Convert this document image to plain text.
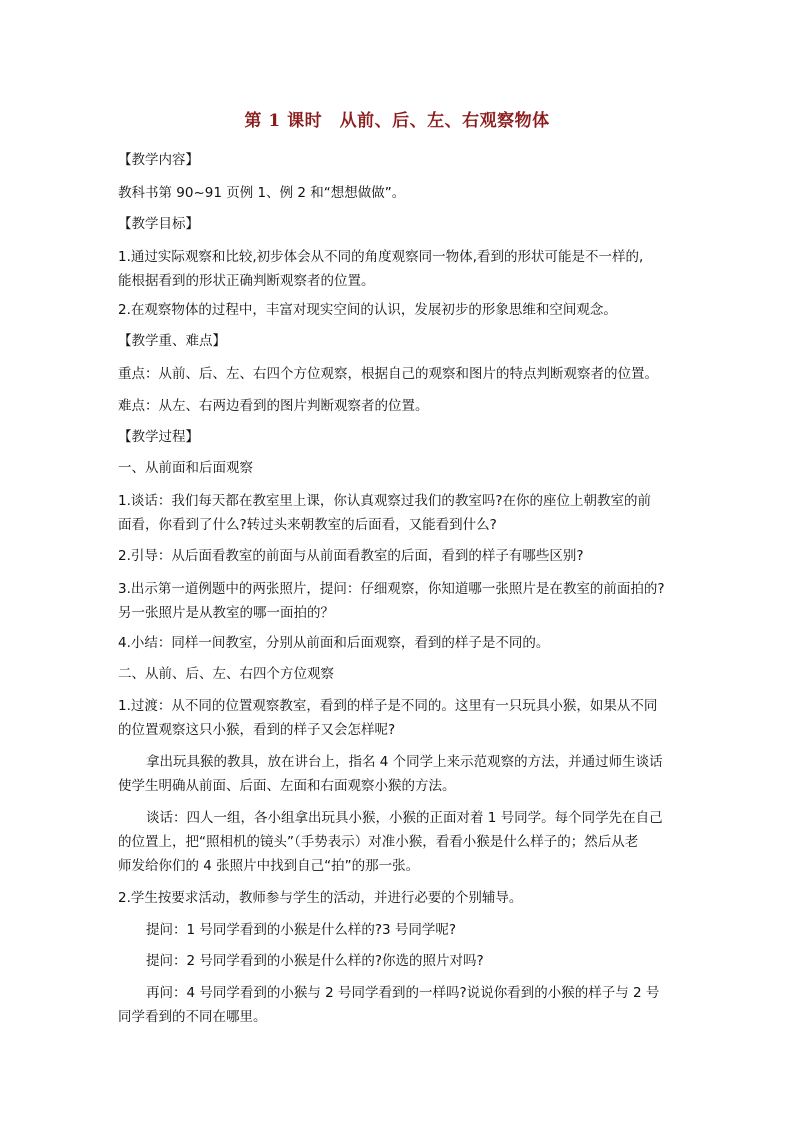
第 1 课时　从前、后、左、右观察物体
【教学内容】
教科书第 90~91 页例 1、例 2 和“想想做做”。
【教学目标】
1.通过实际观察和比较,初步体会从不同的角度观察同一物体,看到的形状可能是不一样的,
能根据看到的形状正确判断观察者的位置。
2.在观察物体的过程中，丰富对现实空间的认识，发展初步的形象思维和空间观念。
【教学重、难点】
重点：从前、后、左、右四个方位观察，根据自己的观察和图片的特点判断观察者的位置。
难点：从左、右两边看到的图片判断观察者的位置。
【教学过程】
一、从前面和后面观察
1.谈话：我们每天都在教室里上课，你认真观察过我们的教室吗?在你的座位上朝教室的前
面看，你看到了什么?转过头来朝教室的后面看，又能看到什么?
2.引导：从后面看教室的前面与从前面看教室的后面，看到的样子有哪些区别?
3.出示第一道例题中的两张照片，提问：仔细观察，你知道哪一张照片是在教室的前面拍的?
另一张照片是从教室的哪一面拍的？
4.小结：同样一间教室，分别从前面和后面观察，看到的样子是不同的。
二、从前、后、左、右四个方位观察
1.过渡：从不同的位置观察教室，看到的样子是不同的。这里有一只玩具小猴，如果从不同
的位置观察这只小猴，看到的样子又会怎样呢?
拿出玩具猴的教具，放在讲台上，指名 4 个同学上来示范观察的方法，并通过师生谈话
使学生明确从前面、后面、左面和右面观察小猴的方法。
谈话：四人一组，各小组拿出玩具小猴，小猴的正面对着 1 号同学。每个同学先在自己
的位置上，把“照相机的镜头”（手势表示）对准小猴，看看小猴是什么样子的；然后从老
师发给你们的 4 张照片中找到自己“拍”的那一张。
2.学生按要求活动，教师参与学生的活动，并进行必要的个别辅导。
提问：1 号同学看到的小猴是什么样的?3 号同学呢?
提问：2 号同学看到的小猴是什么样的?你选的照片对吗?
再问：4 号同学看到的小猴与 2 号同学看到的一样吗?说说你看到的小猴的样子与 2 号
同学看到的不同在哪里。
